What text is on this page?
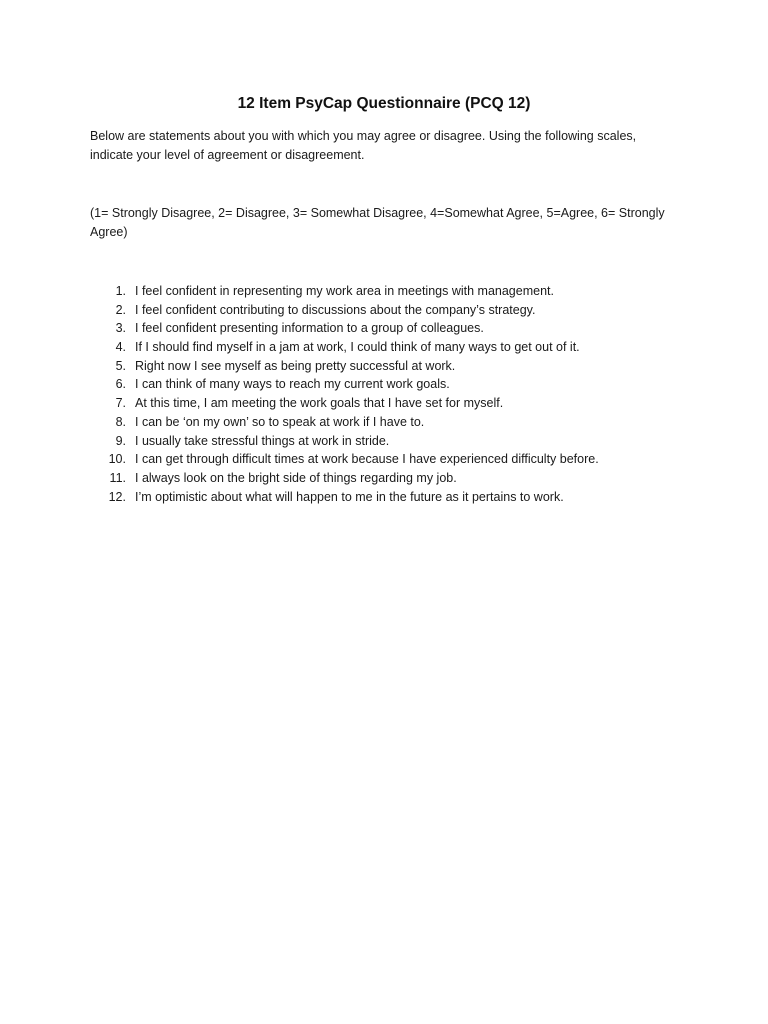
12 Item PsyCap Questionnaire (PCQ 12)

Below are statements about you with which you may agree or disagree. Using the following scales, indicate your level of agreement or disagreement.

(1= Strongly Disagree, 2= Disagree, 3= Somewhat Disagree, 4=Somewhat Agree, 5=Agree, 6= Strongly Agree)

1. I feel confident in representing my work area in meetings with management.
2. I feel confident contributing to discussions about the company’s strategy.
3. I feel confident presenting information to a group of colleagues.
4. If I should find myself in a jam at work, I could think of many ways to get out of it.
5. Right now I see myself as being pretty successful at work.
6. I can think of many ways to reach my current work goals.
7. At this time, I am meeting the work goals that I have set for myself.
8. I can be ‘on my own’ so to speak at work if I have to.
9. I usually take stressful things at work in stride.
10. I can get through difficult times at work because I have experienced difficulty before.
11. I always look on the bright side of things regarding my job.
12. I’m optimistic about what will happen to me in the future as it pertains to work.
